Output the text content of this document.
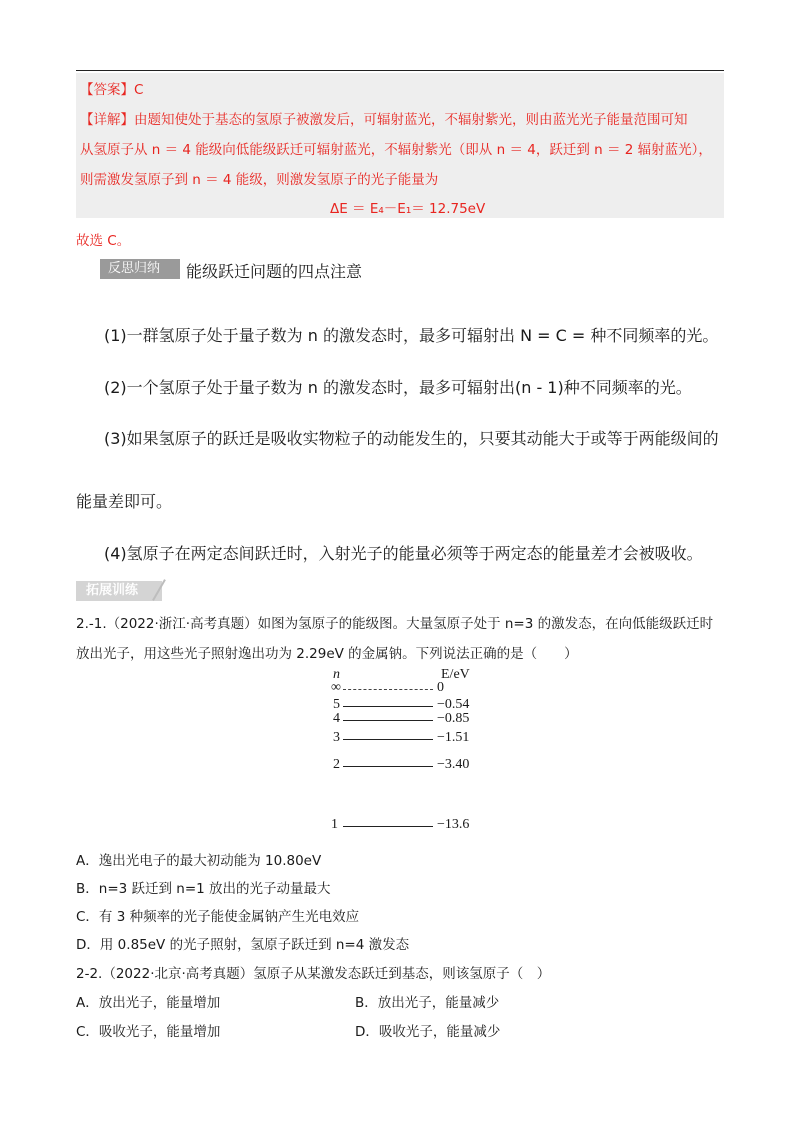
【答案】C
【详解】由题知使处于基态的氢原子被激发后，可辐射蓝光，不辐射紫光，则由蓝光光子能量范围可知
从氢原子从 n ＝ 4 能级向低能级跃迁可辐射蓝光，不辐射紫光（即从 n ＝ 4，跃迁到 n ＝ 2 辐射蓝光），
则需激发氢原子到 n ＝ 4 能级，则激发氢原子的光子能量为
ΔE ＝ E₄－E₁＝ 12.75eV
故选 C。
反思归纳	能级跃迁问题的四点注意
(1)一群氢原子处于量子数为 n 的激发态时，最多可辐射出 N = C = 种不同频率的光。
(2)一个氢原子处于量子数为 n 的激发态时，最多可辐射出(n - 1)种不同频率的光。
(3)如果氢原子的跃迁是吸收实物粒子的动能发生的，只要其动能大于或等于两能级间的
能量差即可。
(4)氢原子在两定态间跃迁时，入射光子的能量必须等于两定态的能量差才会被吸收。
拓展训练
2.-1.（2022·浙江·高考真题）如图为氢原子的能级图。大量氢原子处于 n=3 的激发态，在向低能级跃迁时
放出光子，用这些光子照射逸出功为 2.29eV 的金属钠。下列说法正确的是（　　）
n	E/eV
∞	0
5	−0.54
4	−0.85
3	−1.51
2	−3.40
1	−13.6
A．逸出光电子的最大初动能为 10.80eV
B．n=3 跃迁到 n=1 放出的光子动量最大
C．有 3 种频率的光子能使金属钠产生光电效应
D．用 0.85eV 的光子照射，氢原子跃迁到 n=4 激发态
2-2.（2022·北京·高考真题）氢原子从某激发态跃迁到基态，则该氢原子（　）
A．放出光子，能量增加	B．放出光子，能量减少
C．吸收光子，能量增加	D．吸收光子，能量减少
